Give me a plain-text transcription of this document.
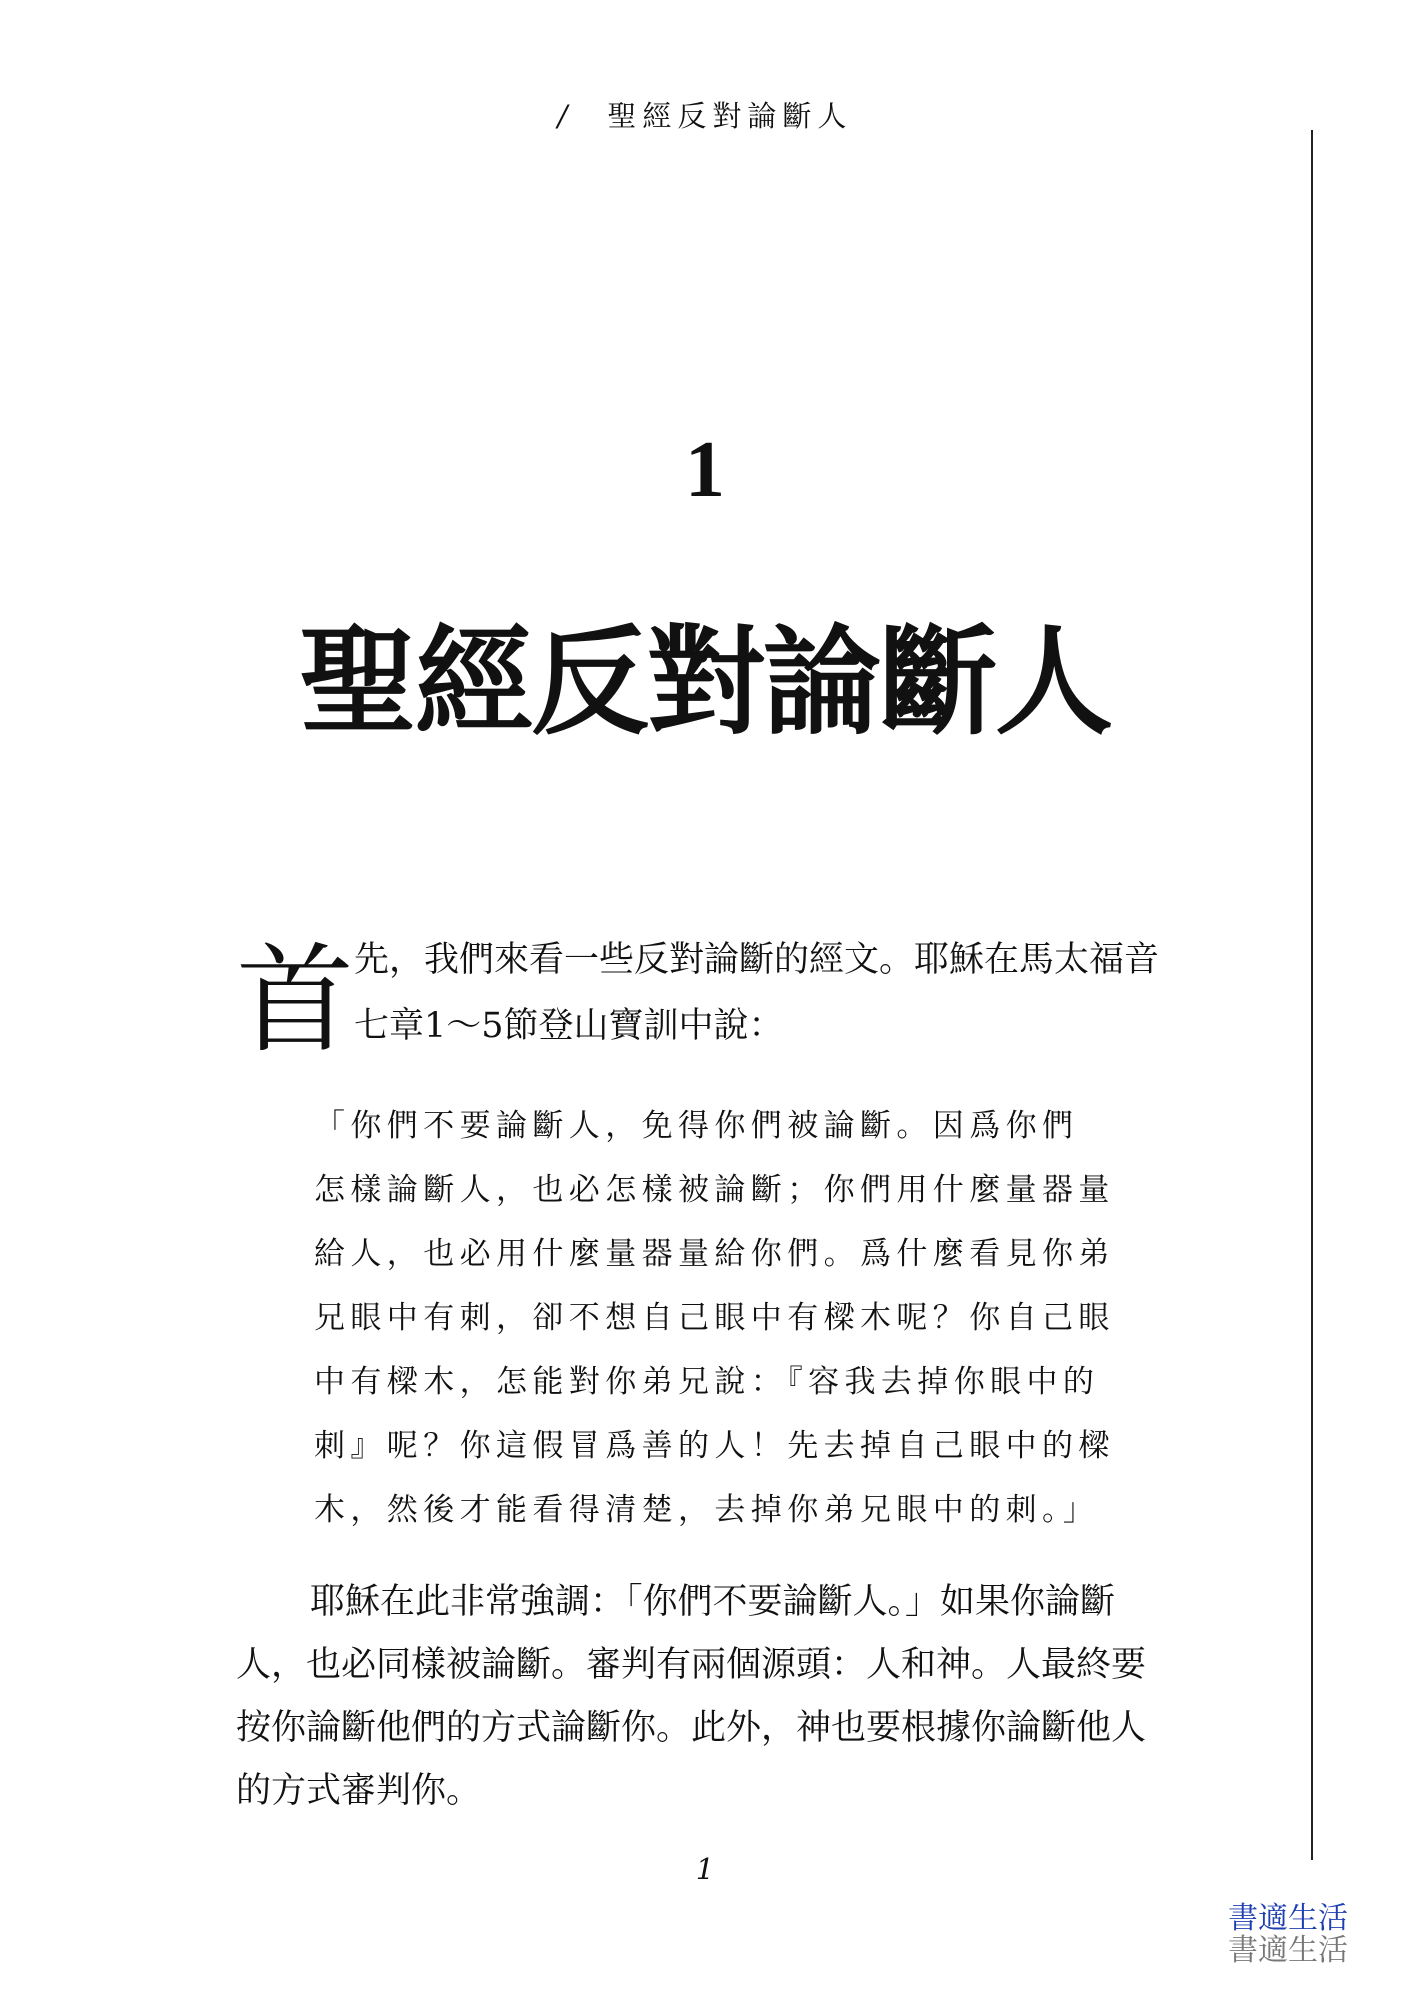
/ 聖經反對論斷人
1
聖經反對論斷人
首 先，我們來看一些反對論斷的經文。耶穌在馬太福音
七章1～5節登山寶訓中說：
「你們不要論斷人，免得你們被論斷。因爲你們
怎樣論斷人，也必怎樣被論斷；你們用什麼量器量
給人，也必用什麼量器量給你們。爲什麼看見你弟
兄眼中有刺，卻不想自己眼中有樑木呢？你自己眼
中有樑木，怎能對你弟兄說：『容我去掉你眼中的
刺』呢？你這假冒爲善的人！先去掉自己眼中的樑
木，然後才能看得清楚，去掉你弟兄眼中的刺。」
耶穌在此非常強調：「你們不要論斷人。」如果你論斷
人，也必同樣被論斷。審判有兩個源頭：人和神。人最終要
按你論斷他們的方式論斷你。此外，神也要根據你論斷他人
的方式審判你。
1
書適生活
書適生活
